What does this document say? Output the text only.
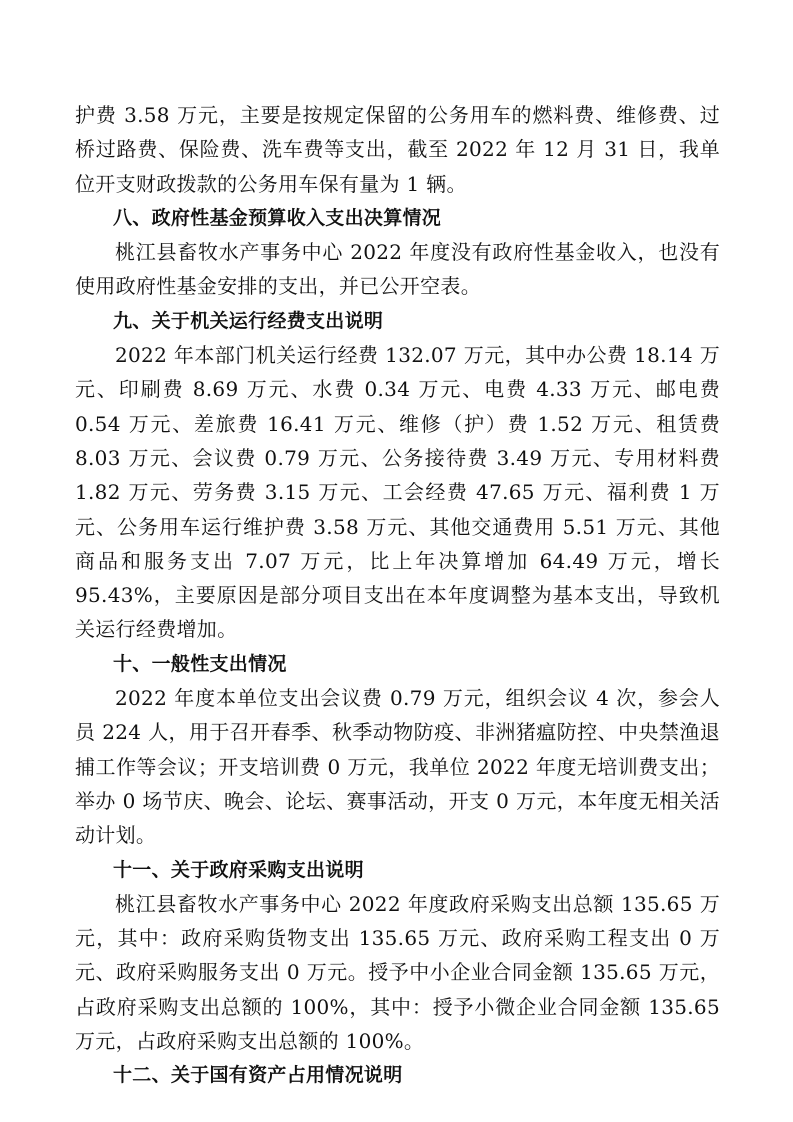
护费 3.58 万元，主要是按规定保留的公务用车的燃料费、维修费、过桥过路费、保险费、洗车费等支出，截至 2022 年 12 月 31 日，我单位开支财政拨款的公务用车保有量为 1 辆。

八、政府性基金预算收入支出决算情况

桃江县畜牧水产事务中心 2022 年度没有政府性基金收入，也没有使用政府性基金安排的支出，并已公开空表。

九、关于机关运行经费支出说明

2022 年本部门机关运行经费 132.07 万元，其中办公费 18.14 万元、印刷费 8.69 万元、水费 0.34 万元、电费 4.33 万元、邮电费 0.54 万元、差旅费 16.41 万元、维修（护）费 1.52 万元、租赁费 8.03 万元、会议费 0.79 万元、公务接待费 3.49 万元、专用材料费 1.82 万元、劳务费 3.15 万元、工会经费 47.65 万元、福利费 1 万元、公务用车运行维护费 3.58 万元、其他交通费用 5.51 万元、其他商品和服务支出 7.07 万元，比上年决算增加 64.49 万元，增长 95.43%，主要原因是部分项目支出在本年度调整为基本支出，导致机关运行经费增加。

十、一般性支出情况

2022 年度本单位支出会议费 0.79 万元，组织会议 4 次，参会人员 224 人，用于召开春季、秋季动物防疫、非洲猪瘟防控、中央禁渔退捕工作等会议；开支培训费 0 万元，我单位 2022 年度无培训费支出；举办 0 场节庆、晚会、论坛、赛事活动，开支 0 万元，本年度无相关活动计划。

十一、关于政府采购支出说明

桃江县畜牧水产事务中心 2022 年度政府采购支出总额 135.65 万元，其中：政府采购货物支出 135.65 万元、政府采购工程支出 0 万元、政府采购服务支出 0 万元。授予中小企业合同金额 135.65 万元，占政府采购支出总额的 100%，其中：授予小微企业合同金额 135.65 万元，占政府采购支出总额的 100%。

十二、关于国有资产占用情况说明
